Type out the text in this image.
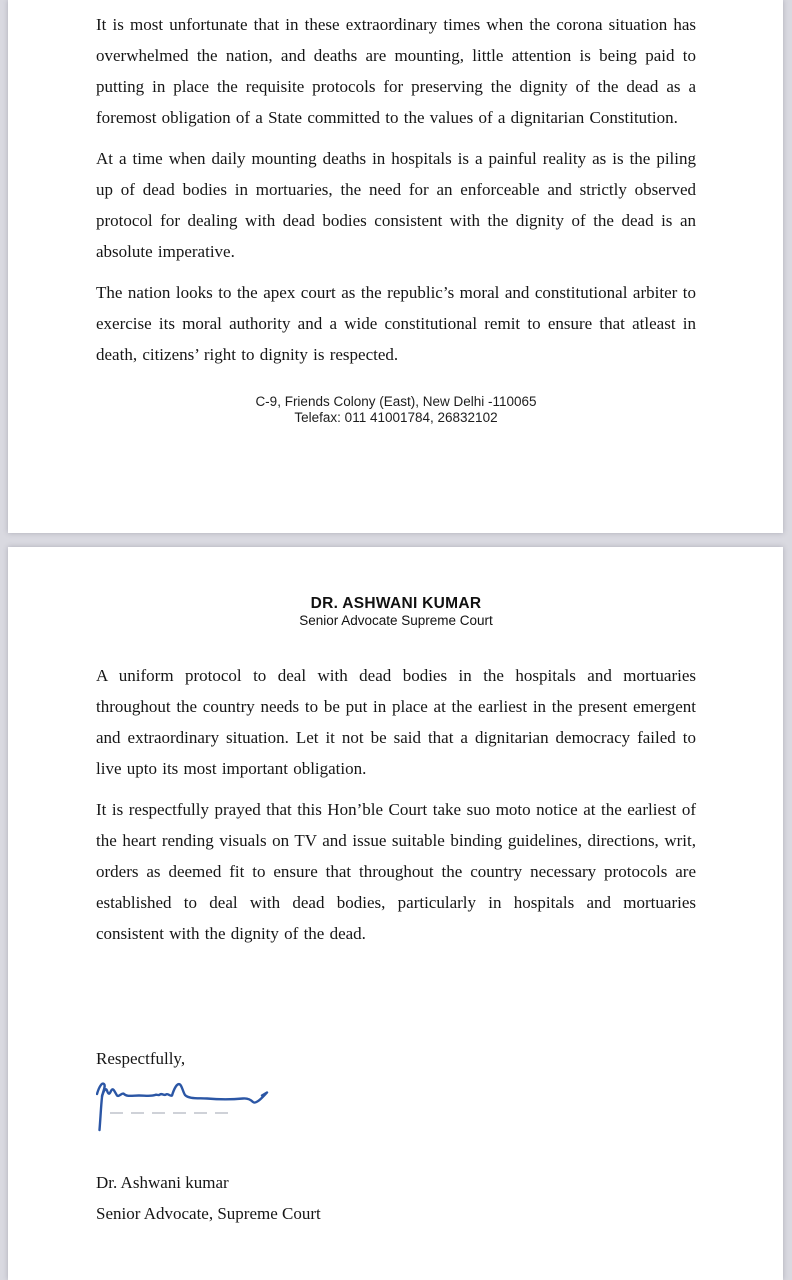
It is most unfortunate that in these extraordinary times when the corona situation has overwhelmed the nation, and deaths are mounting, little attention is being paid to putting in place the requisite protocols for preserving the dignity of the dead as a foremost obligation of a State committed to the values of a dignitarian Constitution.

At a time when daily mounting deaths in hospitals is a painful reality as is the piling up of dead bodies in mortuaries, the need for an enforceable and strictly observed protocol for dealing with dead bodies consistent with the dignity of the dead is an absolute imperative.

The nation looks to the apex court as the republic’s moral and constitutional arbiter to exercise its moral authority and a wide constitutional remit to ensure that atleast in death, citizens’ right to dignity is respected.

C-9, Friends Colony (East), New Delhi -110065
Telefax: 011 41001784, 26832102
DR. ASHWANI KUMAR
Senior Advocate Supreme Court

A uniform protocol to deal with dead bodies in the hospitals and mortuaries throughout the country needs to be put in place at the earliest in the present emergent and extraordinary situation. Let it not be said that a dignitarian democracy failed to live upto its most important obligation.

It is respectfully prayed that this Hon’ble Court take suo moto notice at the earliest of the heart rending visuals on TV and issue suitable binding guidelines, directions, writ, orders as deemed fit to ensure that throughout the country necessary protocols are established to deal with dead bodies, particularly in hospitals and mortuaries consistent with the dignity of the dead.

Respectfully,

Dr. Ashwani kumar

Senior Advocate, Supreme Court
